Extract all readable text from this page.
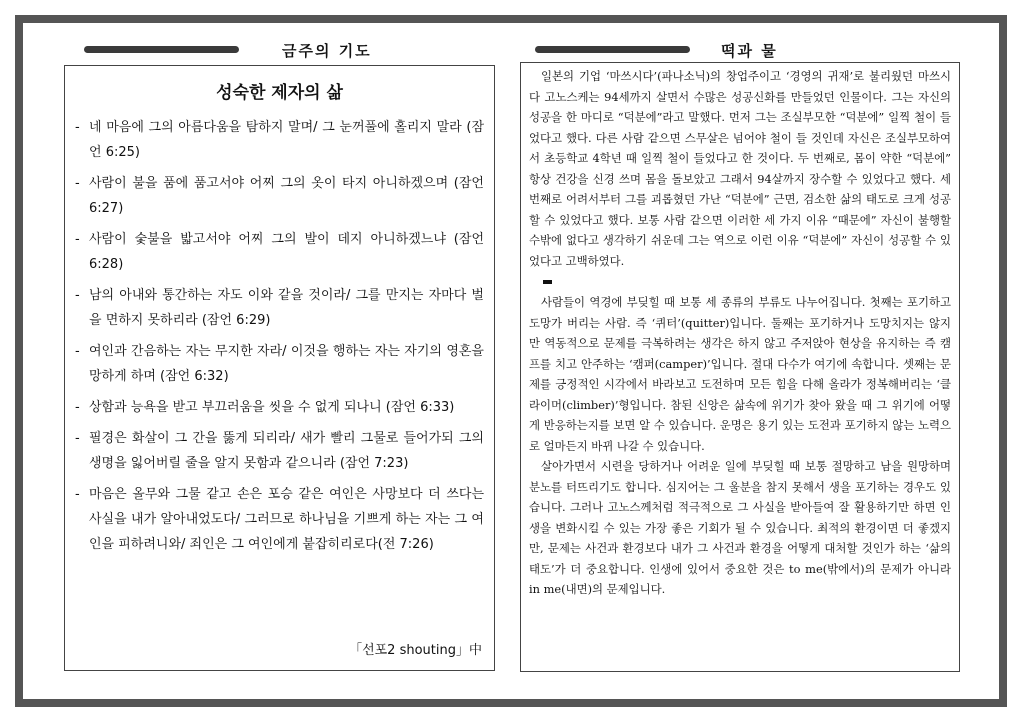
금주의 기도	떡과 물
성숙한 제자의 삶
- 네 마음에 그의 아름다움을 탐하지 말며/ 그 눈꺼풀에 홀리지 말라 (잠언 6:25)
- 사람이 불을 품에 품고서야 어찌 그의 옷이 타지 아니하겠으며 (잠언 6:27)
- 사람이 숯불을 밟고서야 어찌 그의 발이 데지 아니하겠느냐 (잠언 6:28)
- 남의 아내와 통간하는 자도 이와 같을 것이라/ 그를 만지는 자마다 벌을 면하지 못하리라 (잠언 6:29)
- 여인과 간음하는 자는 무지한 자라/ 이것을 행하는 자는 자기의 영혼을 망하게 하며 (잠언 6:32)
- 상함과 능욕을 받고 부끄러움을 씻을 수 없게 되나니 (잠언 6:33)
- 필경은 화살이 그 간을 뚫게 되리라/ 새가 빨리 그물로 들어가되 그의 생명을 잃어버릴 줄을 알지 못함과 같으니라 (잠언 7:23)
- 마음은 올무와 그물 같고 손은 포승 같은 여인은 사망보다 더 쓰다는 사실을 내가 알아내었도다/ 그러므로 하나님을 기쁘게 하는 자는 그 여인을 피하려니와/ 죄인은 그 여인에게 붙잡히리로다(전 7:26)
「선포2 shouting」中

일본의 기업 ‘마쓰시다’(파나소닉)의 창업주이고 ‘경영의 귀재’로 불리웠던 마쓰시다 고노스케는 94세까지 살면서 수많은 성공신화를 만들었던 인물이다. 그는 자신의 성공을 한 마디로 “덕분에”라고 말했다. 먼저 그는 조실부모한 “덕분에” 일찍 철이 들었다고 했다. 다른 사람 같으면 스무살은 넘어야 철이 들 것인데 자신은 조실부모하여서 초등학교 4학년 때 일찍 철이 들었다고 한 것이다. 두 번째로, 몸이 약한 “덕분에” 항상 건강을 신경 쓰며 몸을 돌보았고 그래서 94살까지 장수할 수 있었다고 했다. 세 번째로 어려서부터 그를 괴롭혔던 가난 “덕분에” 근면, 검소한 삶의 태도로 크게 성공할 수 있었다고 했다. 보통 사람 같으면 이러한 세 가지 이유 “때문에” 자신이 불행할 수밖에 없다고 생각하기 쉬운데 그는 역으로 이런 이유 “덕분에” 자신이 성공할 수 있었다고 고백하였다.

사람들이 역경에 부딪힐 때 보통 세 종류의 부류도 나누어집니다. 첫째는 포기하고 도망가 버리는 사람. 즉 ‘퀴터’(quitter)입니다. 둘째는 포기하거나 도망치지는 않지만 역동적으로 문제를 극복하려는 생각은 하지 않고 주저앉아 현상을 유지하는 즉 캠프를 치고 안주하는 ‘캠퍼(camper)’입니다. 절대 다수가 여기에 속합니다. 셋째는 문제를 긍정적인 시각에서 바라보고 도전하며 모든 힘을 다해 올라가 정복해버리는 ‘클라이머(climber)’형입니다. 참된 신앙은 삶속에 위기가 찾아 왔을 때 그 위기에 어떻게 반응하는지를 보면 알 수 있습니다. 운명은 용기 있는 도전과 포기하지 않는 노력으로 얼마든지 바뀌 나갈 수 있습니다.

살아가면서 시련을 당하거나 어려운 일에 부딪힐 때 보통 절망하고 남을 원망하며 분노를 터뜨리기도 합니다. 심지어는 그 울분을 참지 못해서 생을 포기하는 경우도 있습니다. 그러나 고노스께처럼 적극적으로 그 사실을 받아들여 잘 활용하기만 하면 인생을 변화시킬 수 있는 가장 좋은 기회가 될 수 있습니다. 최적의 환경이면 더 좋겠지만, 문제는 사건과 환경보다 내가 그 사건과 환경을 어떻게 대처할 것인가 하는 ‘삶의 태도’가 더 중요합니다. 인생에 있어서 중요한 것은 to me(밖에서)의 문제가 아니라 in me(내면)의 문제입니다.
